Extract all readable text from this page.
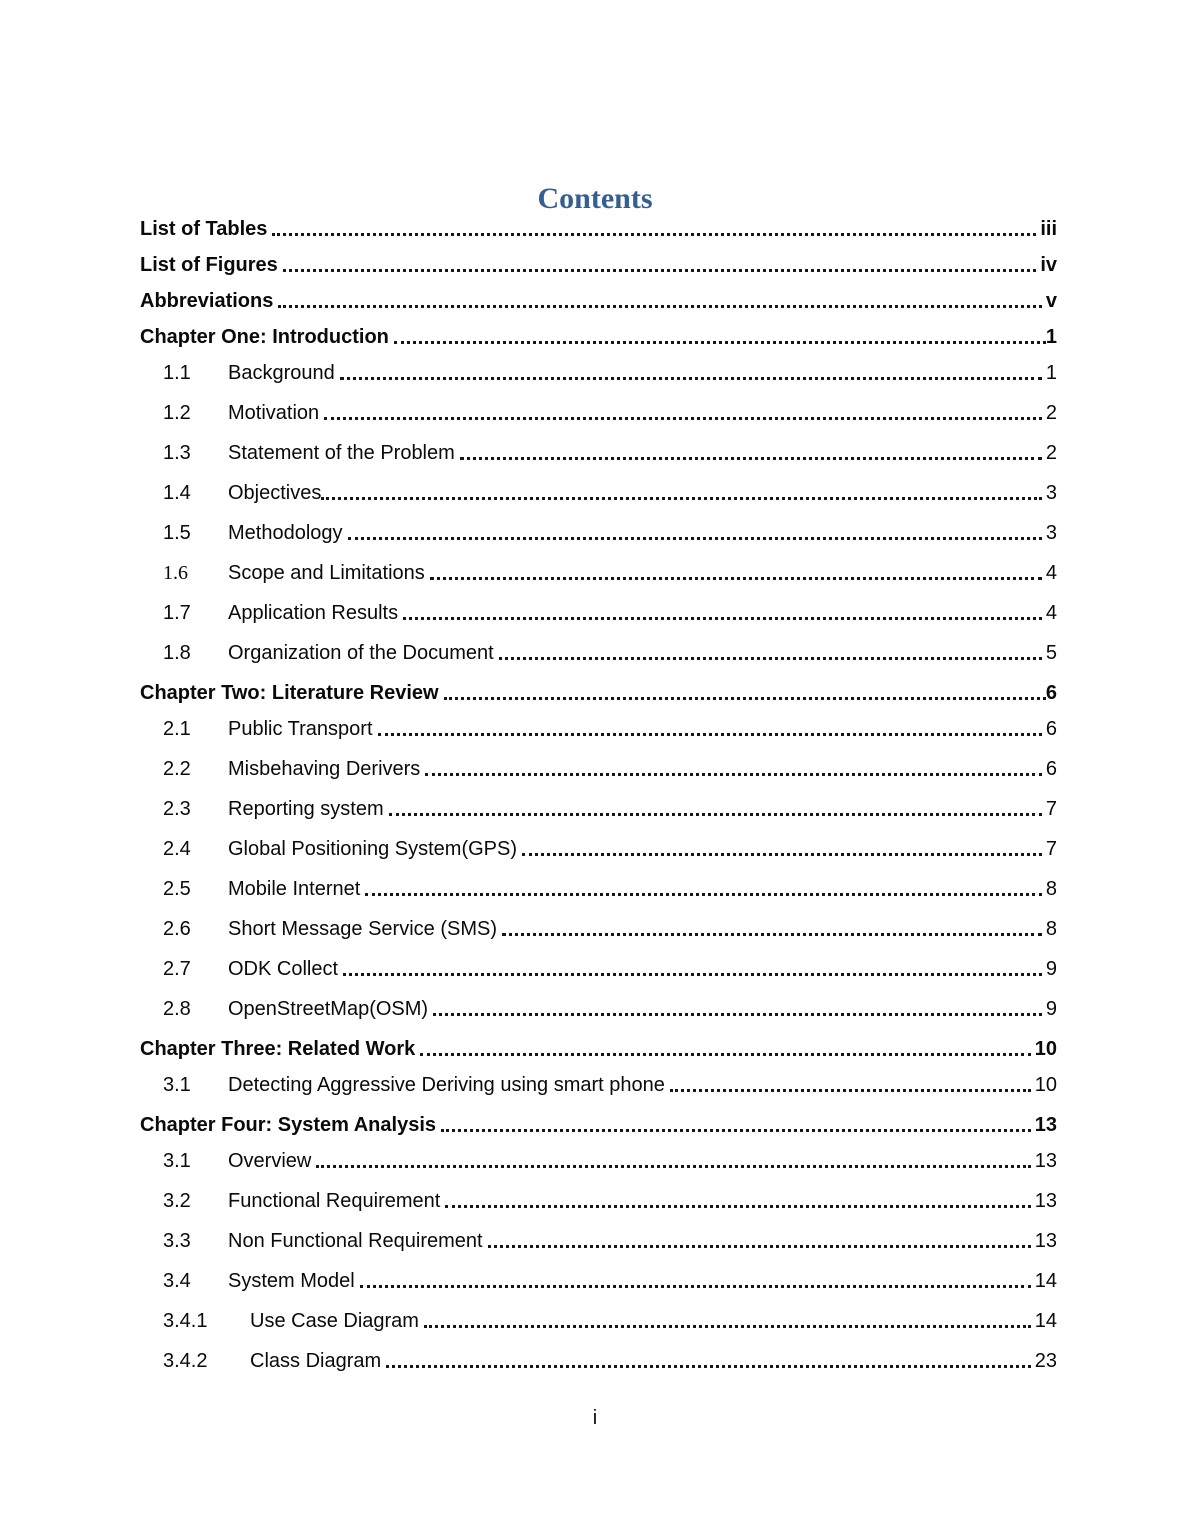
Contents
List of Tables	iii
List of Figures	iv
Abbreviations	v
Chapter One: Introduction	1
1.1	Background	1
1.2	Motivation	2
1.3	Statement of the Problem	2
1.4	Objectives	3
1.5	Methodology	3
1.6	Scope and Limitations	4
1.7	Application Results	4
1.8	Organization of the Document	5
Chapter Two: Literature Review	6
2.1	Public Transport	6
2.2	Misbehaving Derivers	6
2.3	Reporting system	7
2.4	Global Positioning System(GPS)	7
2.5	Mobile Internet	8
2.6	Short Message Service (SMS)	8
2.7	ODK Collect	9
2.8	OpenStreetMap(OSM)	9
Chapter Three: Related Work	10
3.1	Detecting Aggressive Deriving using smart phone	10
Chapter Four: System Analysis	13
3.1	Overview	13
3.2	Functional Requirement	13
3.3	Non Functional Requirement	13
3.4	System Model	14
3.4.1	Use Case Diagram	14
3.4.2	Class Diagram	23
i
